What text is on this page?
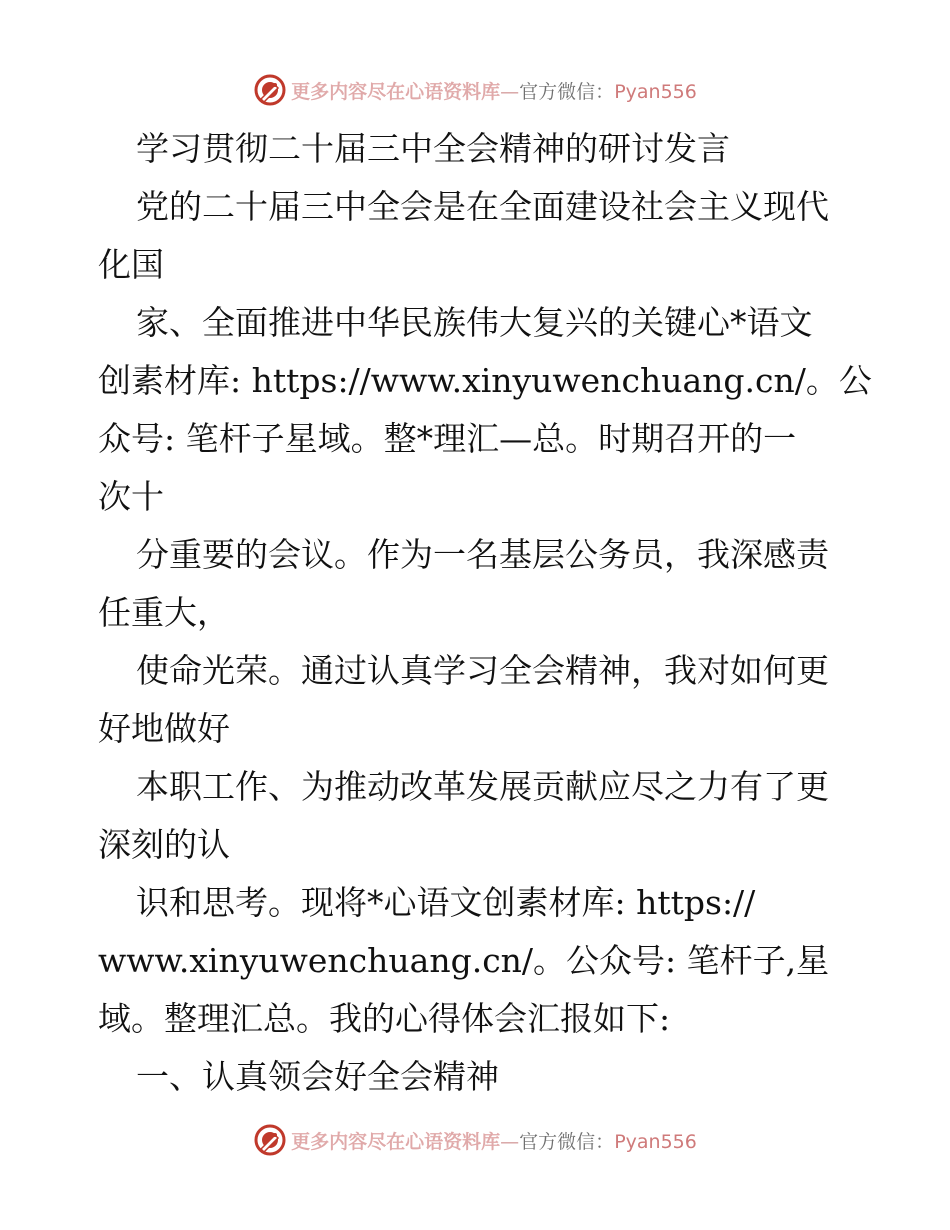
更多内容尽在心语资料库—官方微信：Pyan556
学习贯彻二十届三中全会精神的研讨发言
党的二十届三中全会是在全面建设社会主义现代
化国
家、全面推进中华民族伟大复兴的关键心*语文
创素材库: https://www.xinyuwenchuang.cn/。公
众号: 笔杆子星域。整*理汇—总。时期召开的一
次十
分重要的会议。作为一名基层公务员，我深感责
任重大，
使命光荣。通过认真学习全会精神，我对如何更
好地做好
本职工作、为推动改革发展贡献应尽之力有了更
深刻的认
识和思考。现将*心语文创素材库: https://
www.xinyuwenchuang.cn/。公众号: 笔杆子,星
域。整理汇总。我的心得体会汇报如下:
一、认真领会好全会精神
更多内容尽在心语资料库—官方微信：Pyan556
